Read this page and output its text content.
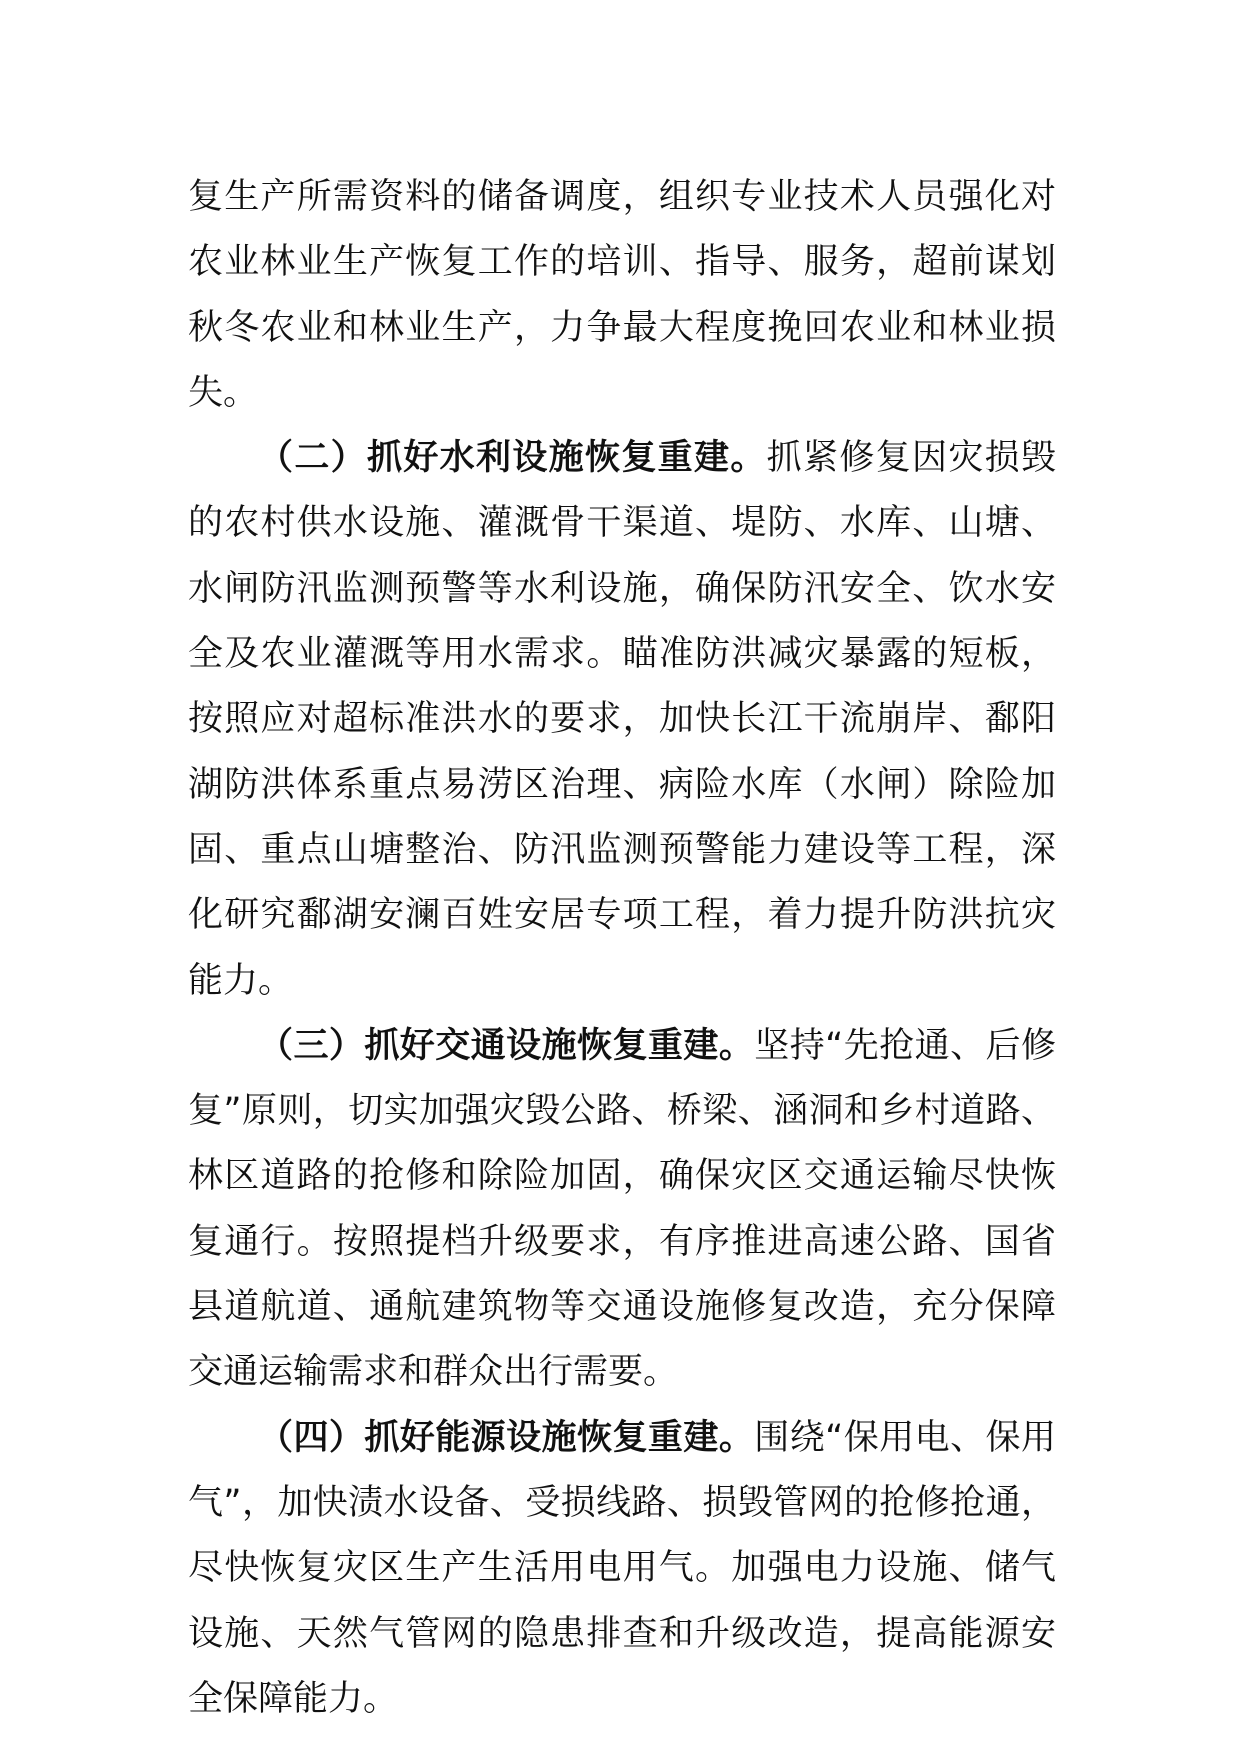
复生产所需资料的储备调度，组织专业技术人员强化对农业林业生产恢复工作的培训、指导、服务，超前谋划秋冬农业和林业生产，力争最大程度挽回农业和林业损失。

（二）抓好水利设施恢复重建。抓紧修复因灾损毁的农村供水设施、灌溉骨干渠道、堤防、水库、山塘、水闸防汛监测预警等水利设施，确保防汛安全、饮水安全及农业灌溉等用水需求。瞄准防洪减灾暴露的短板，按照应对超标准洪水的要求，加快长江干流崩岸、鄱阳湖防洪体系重点易涝区治理、病险水库（水闸）除险加固、重点山塘整治、防汛监测预警能力建设等工程，深化研究鄱湖安澜百姓安居专项工程，着力提升防洪抗灾能力。

（三）抓好交通设施恢复重建。坚持“先抢通、后修复”原则，切实加强灾毁公路、桥梁、涵洞和乡村道路、林区道路的抢修和除险加固，确保灾区交通运输尽快恢复通行。按照提档升级要求，有序推进高速公路、国省县道航道、通航建筑物等交通设施修复改造，充分保障交通运输需求和群众出行需要。

（四）抓好能源设施恢复重建。围绕“保用电、保用气”，加快渍水设备、受损线路、损毁管网的抢修抢通，尽快恢复灾区生产生活用电用气。加强电力设施、储气设施、天然气管网的隐患排查和升级改造，提高能源安全保障能力。
